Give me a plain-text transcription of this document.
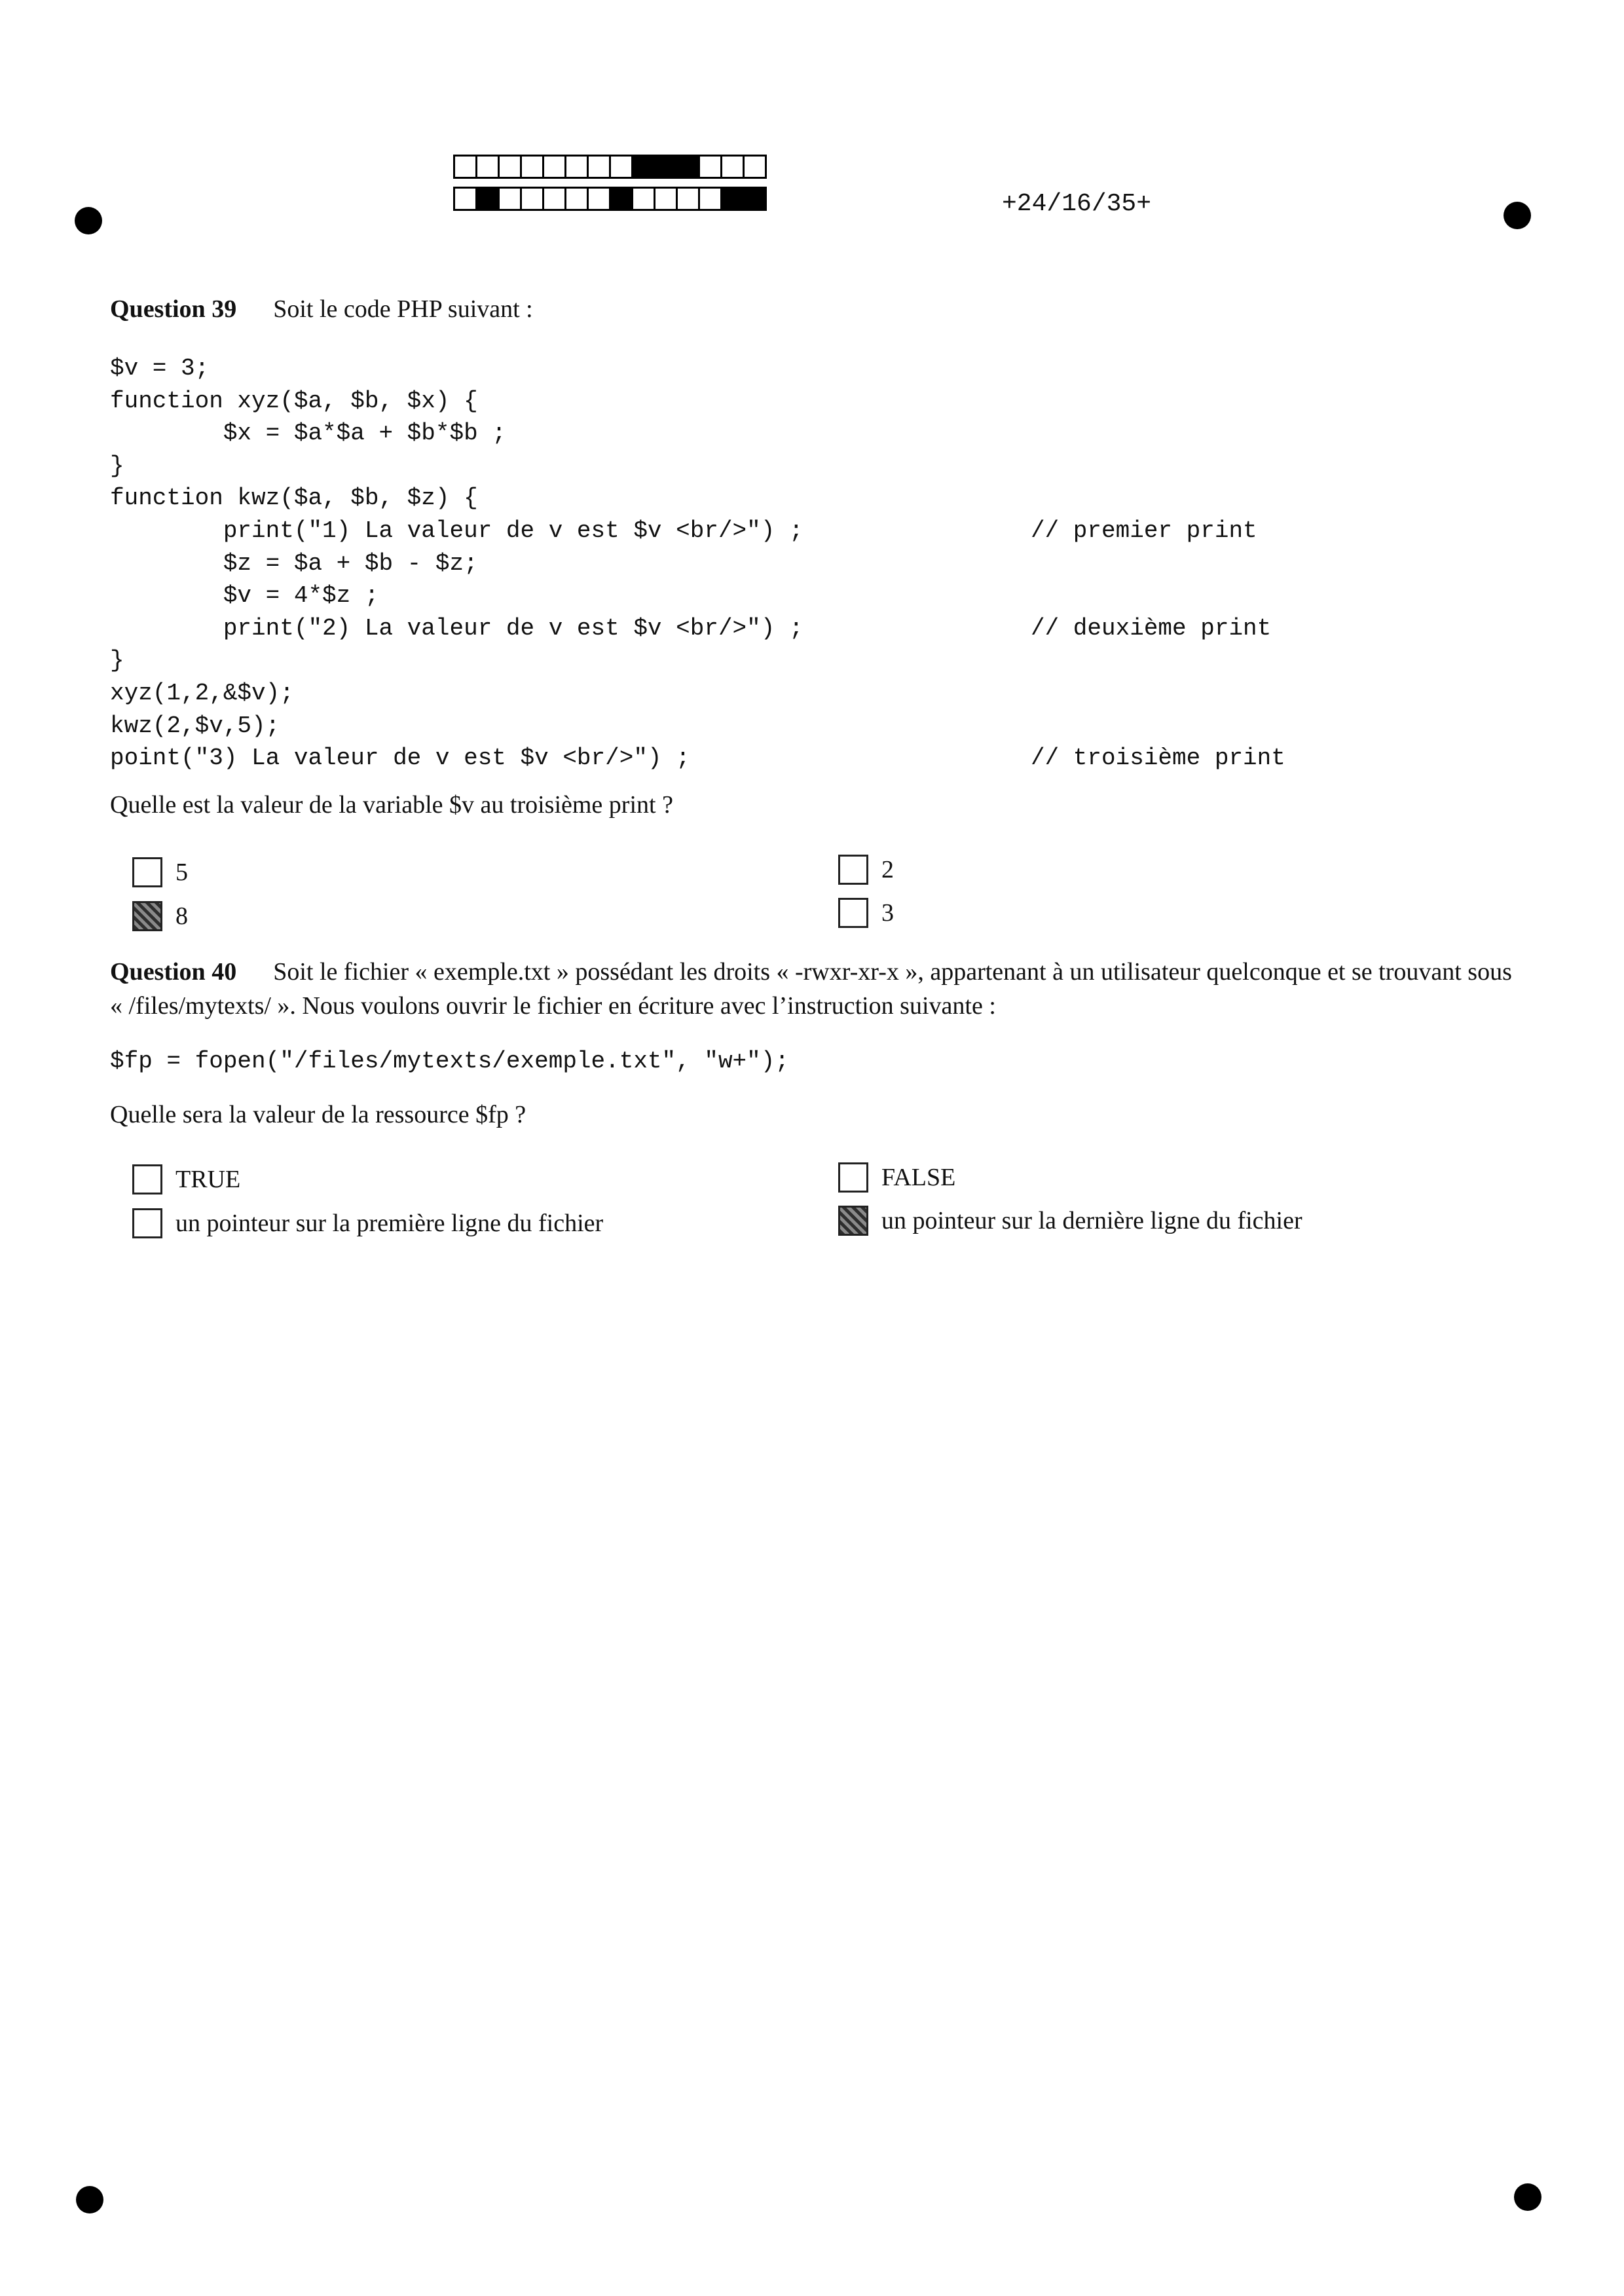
+24/16/35+
Question 39 Soit le code PHP suivant :
$v = 3;
function xyz($a, $b, $x) {
$x = $a*$a + $b*$b ;
}
function kwz($a, $b, $z) {
print("1) La valeur de v est $v <br/>") ;	// premier print
$z = $a + $b - $z;
$v = 4*$z ;
print("2) La valeur de v est $v <br/>") ;	// deuxième print
}
xyz(1,2,&$v);
kwz(2,$v,5);
point("3) La valeur de v est $v <br/>") ;	// troisième print
Quelle est la valeur de la variable $v au troisième print ?
5
8
2
3
Question 40 Soit le fichier « exemple.txt » possédant les droits « -rwxr-xr-x », appartenant à un utilisateur quelconque et se trouvant sous « /files/mytexts/ ». Nous voulons ouvrir le fichier en écriture avec l’instruction suivante :
$fp = fopen("/files/mytexts/exemple.txt", "w+");
Quelle sera la valeur de la ressource $fp ?
TRUE
un pointeur sur la première ligne du fichier
FALSE
un pointeur sur la dernière ligne du fichier
